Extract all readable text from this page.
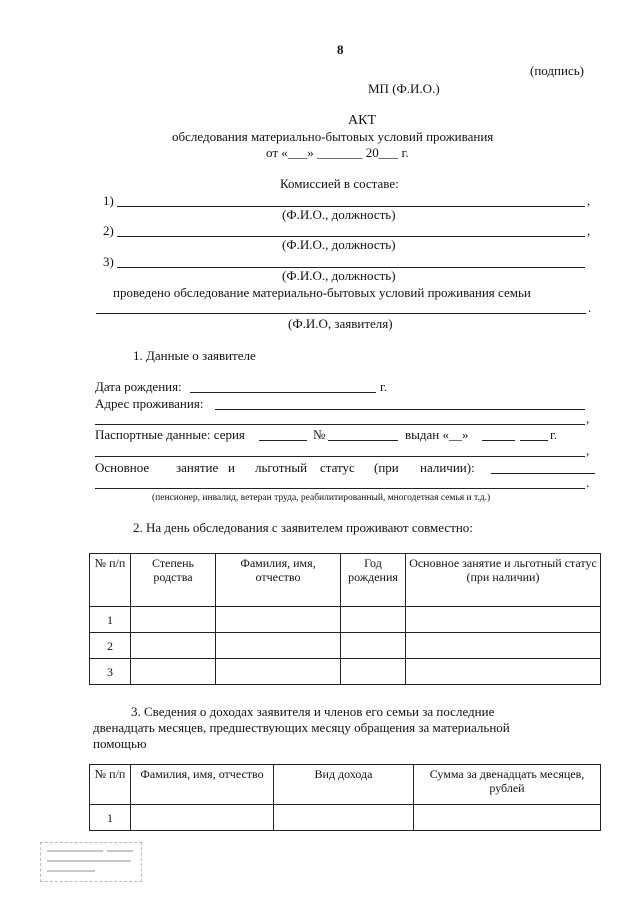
8
(подпись)
МП (Ф.И.О.)
АКТ
обследования материально-бытовых условий проживания
от «___» _______ 20___ г.
Комиссией в составе:
1)	,
(Ф.И.О., должность)
2)	,
(Ф.И.О., должность)
3)
(Ф.И.О., должность)
проведено обследование материально-бытовых условий проживания семьи
.
(Ф.И.О, заявителя)
1. Данные о заявителе
Дата рождения:	г.
Адрес проживания:
,
Паспортные данные: серия	№	выдан «__»	г.
,
Основное занятие и льготный статус (при наличии):
.
(пенсионер, инвалид, ветеран труда, реабилитированный, многодетная семья и т.д.)
2. На день обследования с заявителем проживают совместно:
№ п/п	Степень родства	Фамилия, имя, отчество	Год рождения	Основное занятие и льготный статус (при наличии)
1				
2				
3				
3. Сведения о доходах заявителя и членов его семьи за последние
двенадцать месяцев, предшествующих месяцу обращения за материальной
помощью
№ п/п	Фамилия, имя, отчество	Вид дохода	Сумма за двенадцать месяцев, рублей
1			
